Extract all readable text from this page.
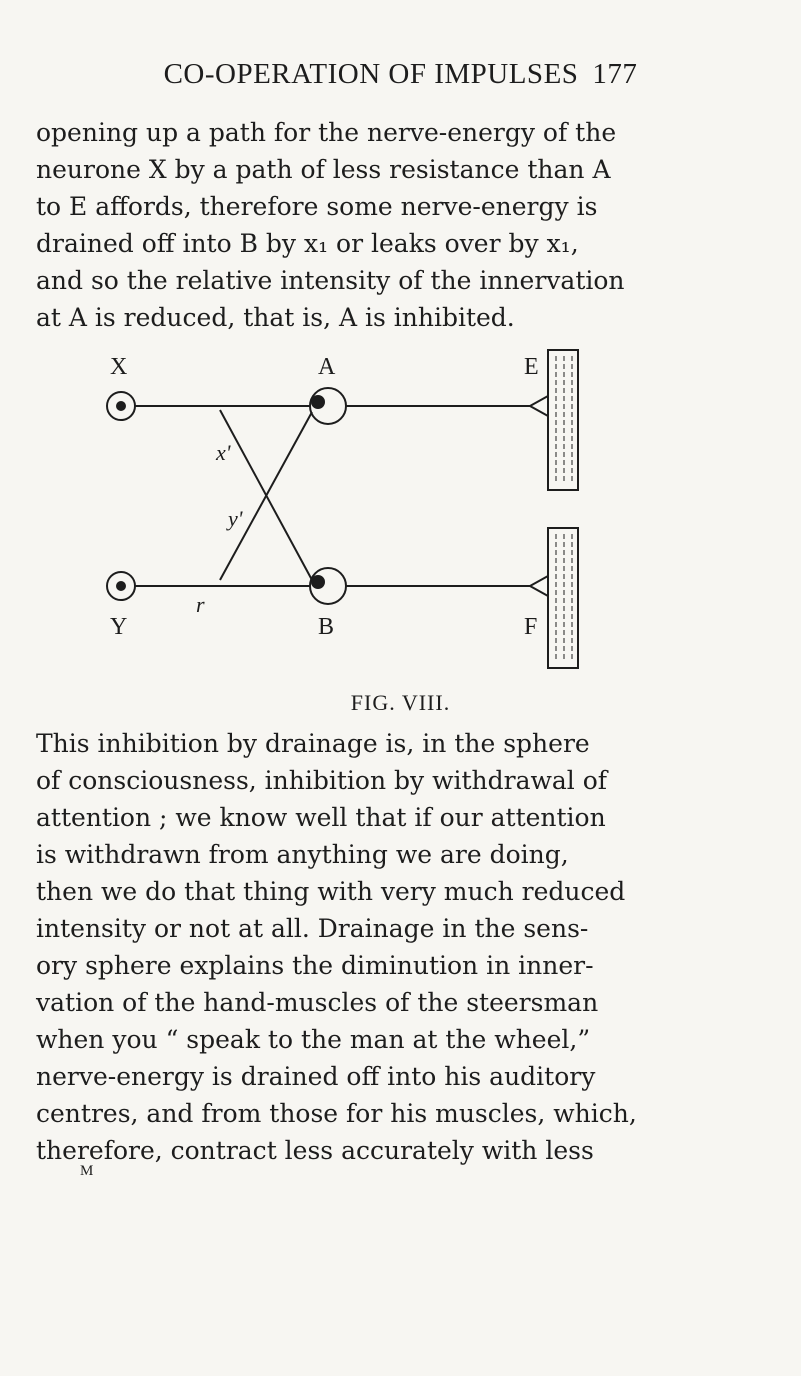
CO-OPERATION OF IMPULSES 177
opening up a path for the nerve-energy of the
neurone X by a path of less resistance than A
to E affords, therefore some nerve-energy is
drained off into B by x₁ or leaks over by x₁,
and so the relative intensity of the innervation
at A is reduced, that is, A is inhibited.
X	A	E
Y	B	F
x'
y'
r
FIG. VIII.
This inhibition by drainage is, in the sphere
of consciousness, inhibition by withdrawal of
attention ; we know well that if our attention
is withdrawn from anything we are doing,
then we do that thing with very much reduced
intensity or not at all. Drainage in the sens-
ory sphere explains the diminution in inner-
vation of the hand-muscles of the steersman
when you “ speak to the man at the wheel,”
nerve-energy is drained off into his auditory
centres, and from those for his muscles, which,
therefore, contract less accurately with less
M
